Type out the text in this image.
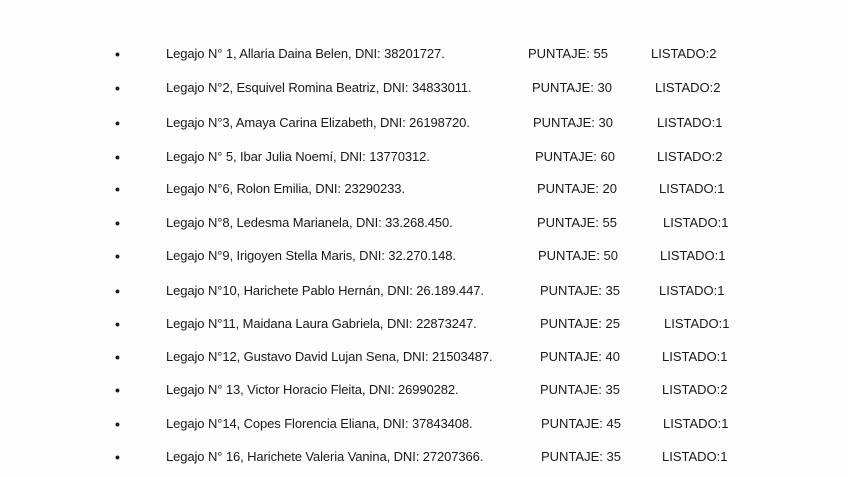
•	Legajo N° 1, Allaria Daina Belen, DNI: 38201727.	PUNTAJE: 55	LISTADO:2
•	Legajo N°2, Esquivel Romina Beatriz, DNI: 34833011.	PUNTAJE: 30	LISTADO:2
•	Legajo N°3, Amaya Carina Elizabeth, DNI: 26198720.	PUNTAJE: 30	LISTADO:1
•	Legajo N° 5, Ibar Julia Noemí, DNI: 13770312.	PUNTAJE: 60	LISTADO:2
•	Legajo N°6, Rolon Emilia, DNI: 23290233.	PUNTAJE: 20	LISTADO:1
•	Legajo N°8, Ledesma Marianela, DNI: 33.268.450.	PUNTAJE: 55	LISTADO:1
•	Legajo N°9, Irigoyen Stella Maris, DNI: 32.270.148.	PUNTAJE: 50	LISTADO:1
•	Legajo N°10, Harichete Pablo Hernán, DNI: 26.189.447.	PUNTAJE: 35	LISTADO:1
•	Legajo N°11, Maidana Laura Gabriela, DNI: 22873247.	PUNTAJE: 25	LISTADO:1
•	Legajo N°12, Gustavo David Lujan Sena, DNI: 21503487.	PUNTAJE: 40	LISTADO:1
•	Legajo N° 13, Victor Horacio Fleita, DNI: 26990282.	PUNTAJE: 35	LISTADO:2
•	Legajo N°14, Copes Florencia Eliana, DNI: 37843408.	PUNTAJE: 45	LISTADO:1
•	Legajo N° 16, Harichete Valeria Vanina, DNI: 27207366.	PUNTAJE: 35	LISTADO:1
